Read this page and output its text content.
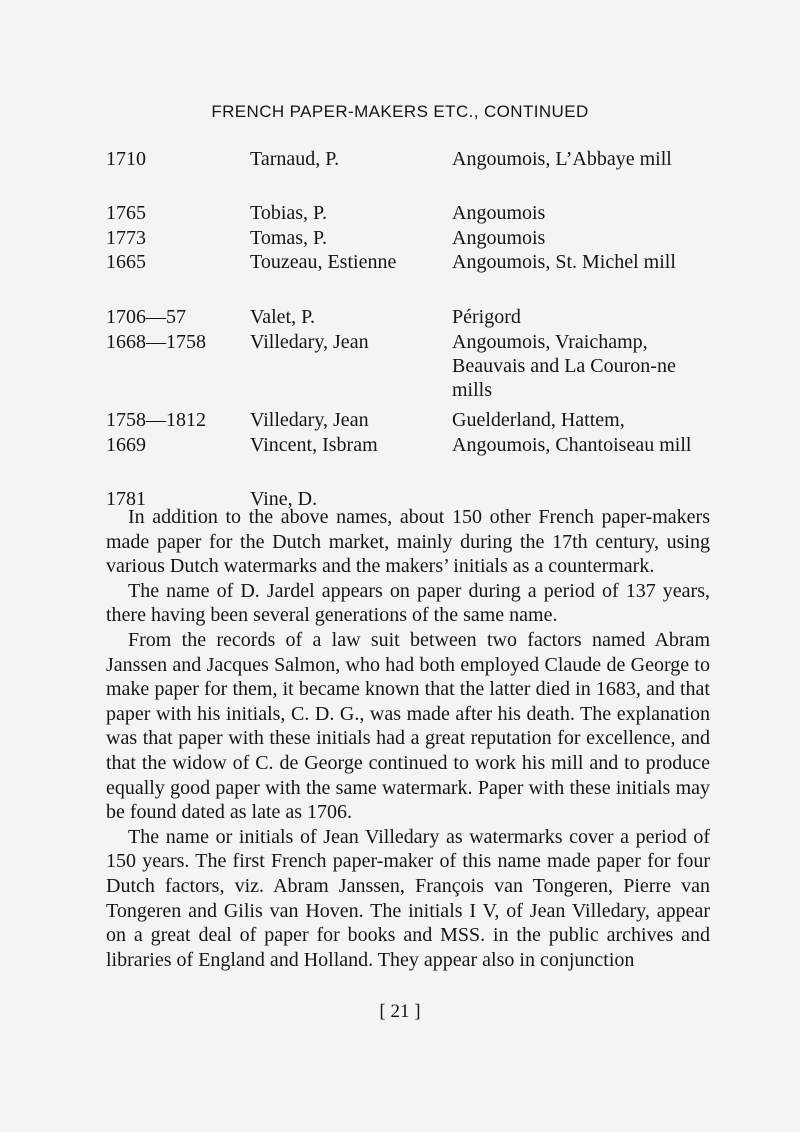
FRENCH PAPER-MAKERS ETC., CONTINUED
1710	Tarnaud, P.	Angoumois, L’Abbaye mill
1765	Tobias, P.	Angoumois
1773	Tomas, P.	Angoumois
1665	Touzeau, Estienne	Angoumois, St. Michel mill
1706—57	Valet, P.	Périgord
1668—1758 Villedary, Jean	Angoumois, Vraichamp, Beauvais and La Couron-ne mills
1758—1812 Villedary, Jean	Guelderland, Hattem,
1669	Vincent, Isbram	Angoumois, Chantoiseau mill
1781	Vine, D.

In addition to the above names, about 150 other French paper-makers made paper for the Dutch market, mainly during the 17th century, using various Dutch watermarks and the makers’ initials as a countermark.

The name of D. Jardel appears on paper during a period of 137 years, there having been several generations of the same name.

From the records of a law suit between two factors named Abram Janssen and Jacques Salmon, who had both employed Claude de George to make paper for them, it became known that the latter died in 1683, and that paper with his initials, C. D. G., was made after his death. The explanation was that paper with these initials had a great reputation for excellence, and that the widow of C. de George continued to work his mill and to produce equally good paper with the same watermark. Paper with these initials may be found dated as late as 1706.

The name or initials of Jean Villedary as watermarks cover a period of 150 years. The first French paper-maker of this name made paper for four Dutch factors, viz. Abram Janssen, François van Tongeren, Pierre van Tongeren and Gilis van Hoven. The initials I V, of Jean Villedary, appear on a great deal of paper for books and MSS. in the public archives and libraries of England and Holland. They appear also in conjunction

[ 21 ]
